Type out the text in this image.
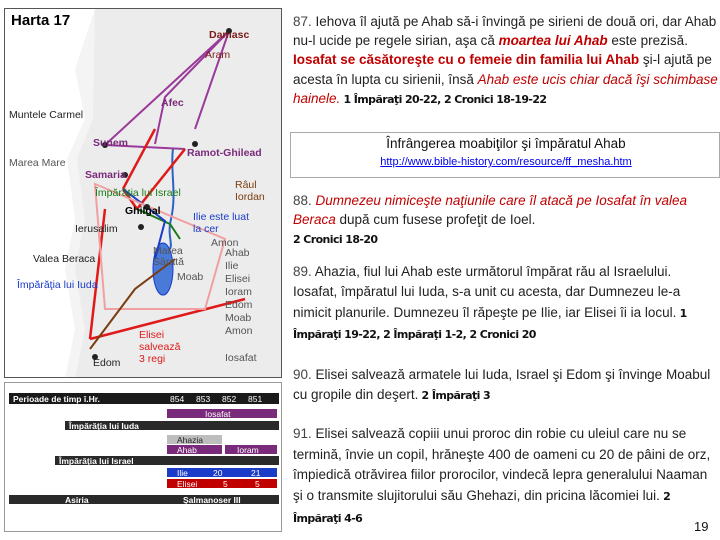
Harta 17
Damasc
Aram
Afec
Muntele Carmel
Sunem
Ramot-Ghilead
Marea Mare
Samaria
Împărăţia lui Israel
Râul
Iordan
Ghilgal	Ilie este luat
la cer
Ierusalim
Amon
Marea
Sărată
Valea Beraca
Moab
Împărăţia lui Iuda
Elisei
salvează
3 regi
Edom
Ahab
Ilie
Elisei
Ioram
Edom
Moab
Amon
Iosafat
Perioade de timp î.Hr.	854 853 852 851
Iosafat
Împărăţia lui Iuda
Ahazia
Ahab	Ioram
Împărăţia lui Israel
Ilie	20	21
Elisei	5	5
Asiria	Şalmanoser III
87. Iehova îl ajută pe Ahab să-i învingă pe sirieni de două ori, dar Ahab nu-l ucide pe regele sirian, aşa că moartea lui Ahab este prezisă. Iosafat se căsătoreşte cu o femeie din familia lui Ahab şi-l ajută pe acesta în lupta cu sirienii, însă Ahab este ucis chiar dacă îşi schimbase hainele. 1 Împăraţi 20-22, 2 Cronici 18-19-22
Înfrângerea moabiţilor şi împăratul Ahab
http://www.bible-history.com/resource/ff_mesha.htm
88. Dumnezeu nimiceşte naţiunile care îl atacă pe Iosafat în valea Beraca după cum fusese profeţit de Ioel.
2 Cronici 18-20
89. Ahazia, fiul lui Ahab este următorul împărat rău al Israelului. Iosafat, împăratul lui Iuda, s-a unit cu acesta, dar Dumnezeu le-a nimicit planurile. Dumnezeu îl răpeşte pe Ilie, iar Elisei îi ia locul. 1 Împăraţi 19-22, 2 Împăraţi 1-2, 2 Cronici 20
90. Elisei salvează armatele lui Iuda, Israel şi Edom şi învinge Moabul cu gropile din deşert. 2 Împăraţi 3
91. Elisei salvează copiii unui proroc din robie cu uleiul care nu se termină, învie un copil, hrăneşte 400 de oameni cu 20 de pâini de orz, împiedică otrăvirea fiilor prorocilor, vindecă lepra generalului Naaman şi o transmite slujitorului său Ghehazi, din pricina lăcomiei lui. 2 Împăraţi 4-6
19
